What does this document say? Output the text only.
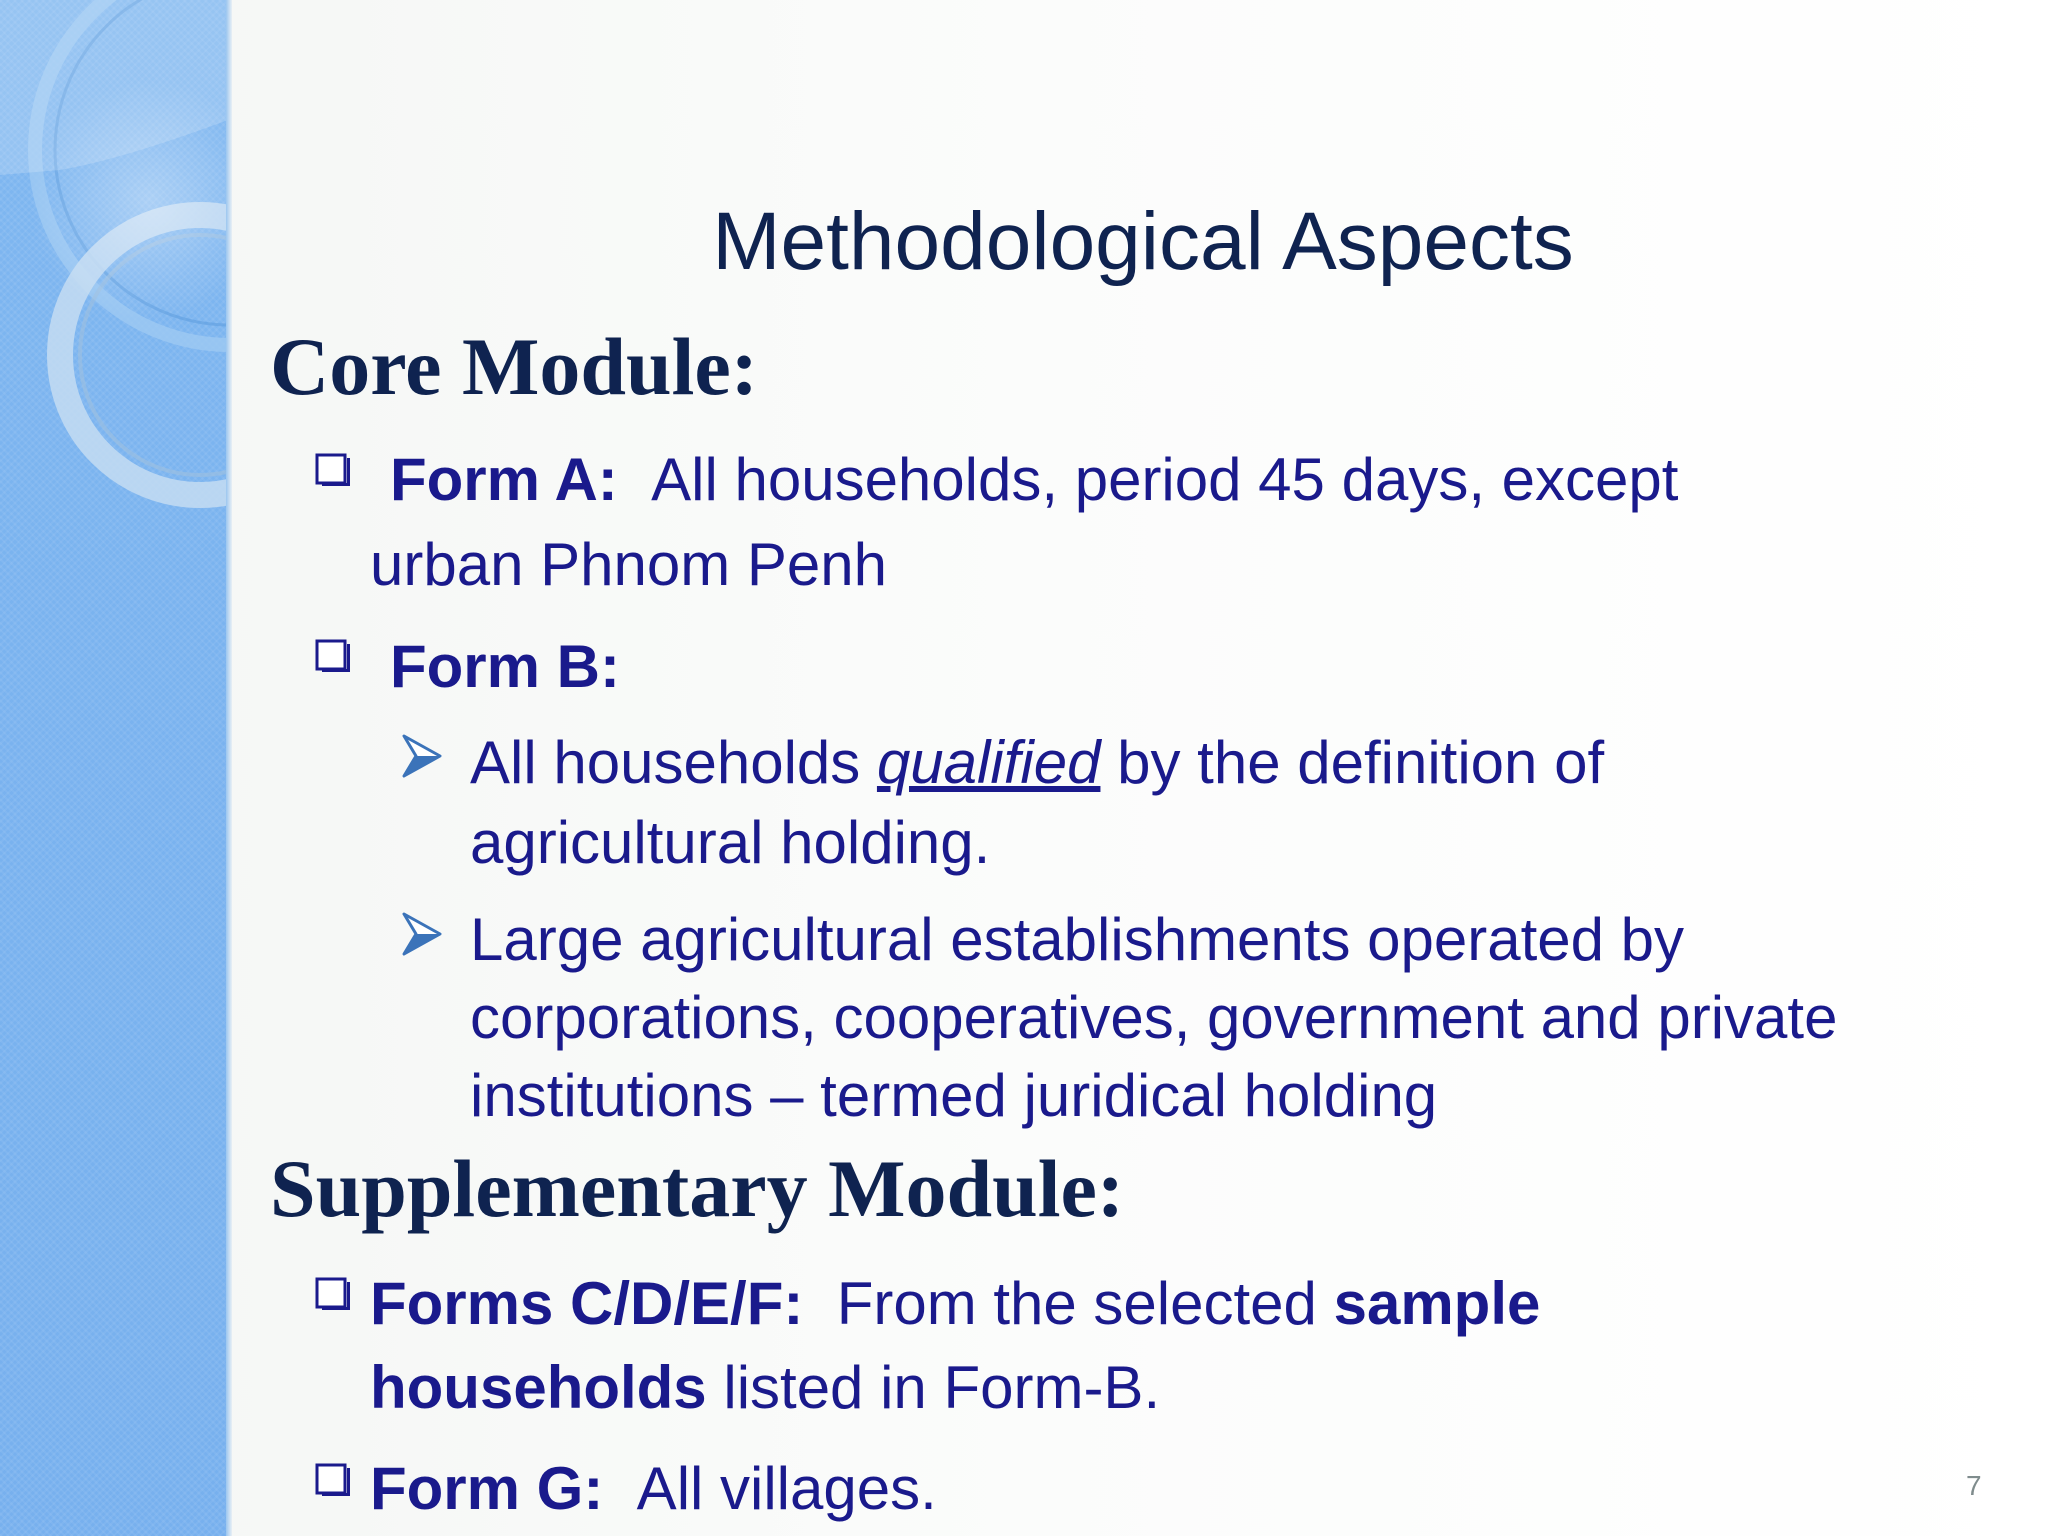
Methodological Aspects
Core Module:
Form A: All households, period 45 days, except
urban Phnom Penh
Form B:
All households qualified by the definition of
agricultural holding.
Large agricultural establishments operated by
corporations, cooperatives, government and private
institutions – termed juridical holding
Supplementary Module:
Forms C/D/E/F: From the selected sample
households listed in Form-B.
Form G: All villages.	7
